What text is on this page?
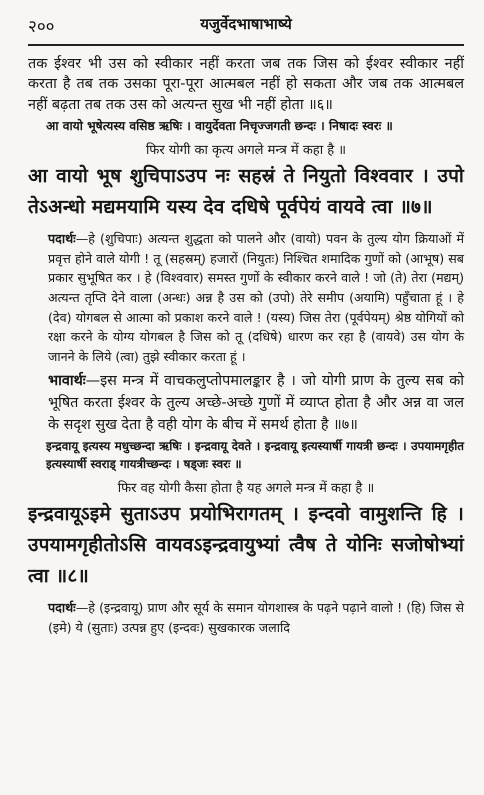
२००	यजुर्वेदभाषाभाष्ये

तक ईश्वर भी उस को स्वीकार नहीं करता जब तक जिस को ईश्वर स्वीकार नहीं करता है तब तक उसका पूरा-पूरा आत्मबल नहीं हो सकता और जब तक आत्मबल नहीं बढ़ता तब तक उस को अत्यन्त सुख भी नहीं होता ॥६॥

आ वायो भूषेत्यस्य वसिष्ठ ऋषिः । वायुर्देवता निचृज्जगती छन्दः । निषादः स्वरः ॥

फिर योगी का कृत्य अगले मन्त्र में कहा है ॥

आ वायो भूष शुचिपाऽउप नः सहस्रं ते नियुतो विश्ववार । उपो तेऽअन्धो मद्यमयामि यस्य देव दधिषे पूर्वपेयं वायवे त्वा ॥७॥

पदार्थः—हे (शुचिपाः) अत्यन्त शुद्धता को पालने और (वायो) पवन के तुल्य योग क्रियाओं में प्रवृत्त होने वाले योगी ! तू (सहस्रम्) हजारों (नियुतः) निश्चित शमादिक गुणों को (आभूष) सब प्रकार सुभूषित कर । हे (विश्ववार) समस्त गुणों के स्वीकार करने वाले ! जो (ते) तेरा (मद्यम्) अत्यन्त तृप्ति देने वाला (अन्धः) अन्न है उस को (उपो) तेरे समीप (अयामि) पहुँचाता हूं । हे (देव) योगबल से आत्मा को प्रकाश करने वाले ! (यस्य) जिस तेरा (पूर्वपेयम्) श्रेष्ठ योगियों को रक्षा करने के योग्य योगबल है जिस को तू (दधिषे) धारण कर रहा है (वायवे) उस योग के जानने के लिये (त्वा) तुझे स्वीकार करता हूं ।

भावार्थः—इस मन्त्र में वाचकलुप्तोपमालङ्कार है । जो योगी प्राण के तुल्य सब को भूषित करता ईश्वर के तुल्य अच्छे-अच्छे गुणों में व्याप्त होता है और अन्न वा जल के सदृश सुख देता है वही योग के बीच में समर्थ होता है ॥७॥

इन्द्रवायू इत्यस्य मधुच्छन्दा ऋषिः । इन्द्रवायू देवते । इन्द्रवायू इत्यस्यार्षी गायत्री छन्दः । उपयामगृहीत इत्यस्यार्षी स्वराड् गायत्रीच्छन्दः । षड्जः स्वरः ॥

फिर वह योगी कैसा होता है यह अगले मन्त्र में कहा है ॥

इन्द्रवायूऽइमे सुताऽउप प्रयोभिरागतम् । इन्दवो वामुशन्ति हि । उपयामगृहीतोऽसि वायवऽइन्द्रवायुभ्यां त्वैष ते योनिः सजोषोभ्यां त्वा ॥८॥

पदार्थः—हे (इन्द्रवायू) प्राण और सूर्य के समान योगशास्त्र के पढ़ने पढ़ाने वालो ! (हि) जिस से (इमे) ये (सुताः) उत्पन्न हुए (इन्दवः) सुखकारक जलादि
